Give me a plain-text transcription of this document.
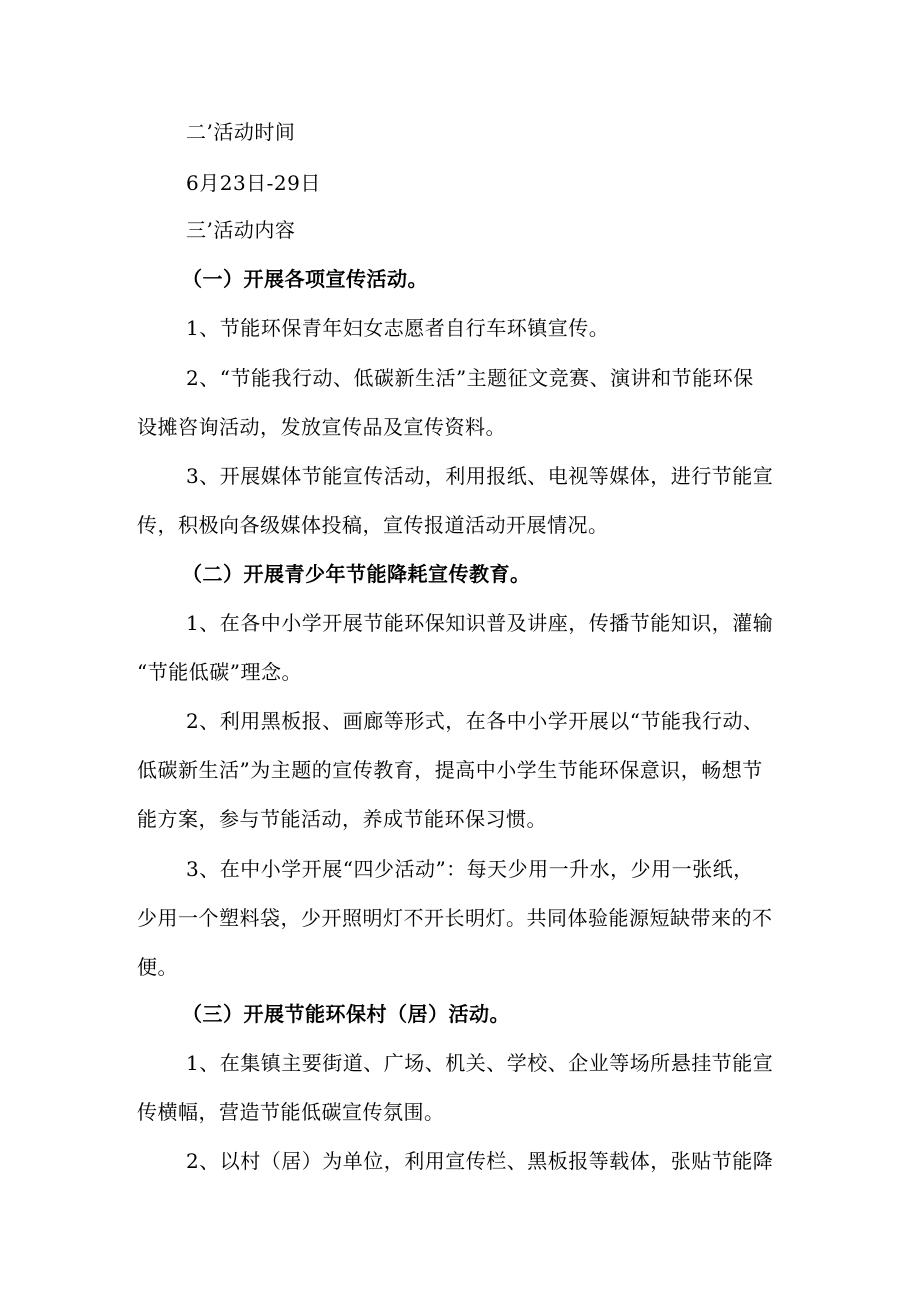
二’活动时间
6月23日-29日
三’活动内容
（一）开展各项宣传活动。
1、节能环保青年妇女志愿者自行车环镇宣传。
2、“节能我行动、低碳新生活”主题征文竞赛、演讲和节能环保
设摊咨询活动，发放宣传品及宣传资料。
3、开展媒体节能宣传活动，利用报纸、电视等媒体，进行节能宣
传，积极向各级媒体投稿，宣传报道活动开展情况。
（二）开展青少年节能降耗宣传教育。
1、在各中小学开展节能环保知识普及讲座，传播节能知识，灌输
“节能低碳”理念。
2、利用黑板报、画廊等形式，在各中小学开展以“节能我行动、
低碳新生活”为主题的宣传教育，提高中小学生节能环保意识，畅想节
能方案，参与节能活动，养成节能环保习惯。
3、在中小学开展“四少活动”：每天少用一升水，少用一张纸，
少用一个塑料袋，少开照明灯不开长明灯。共同体验能源短缺带来的不
便。
（三）开展节能环保村（居）活动。
1、在集镇主要街道、广场、机关、学校、企业等场所悬挂节能宣
传横幅，营造节能低碳宣传氛围。
2、以村（居）为单位，利用宣传栏、黑板报等载体，张贴节能降
